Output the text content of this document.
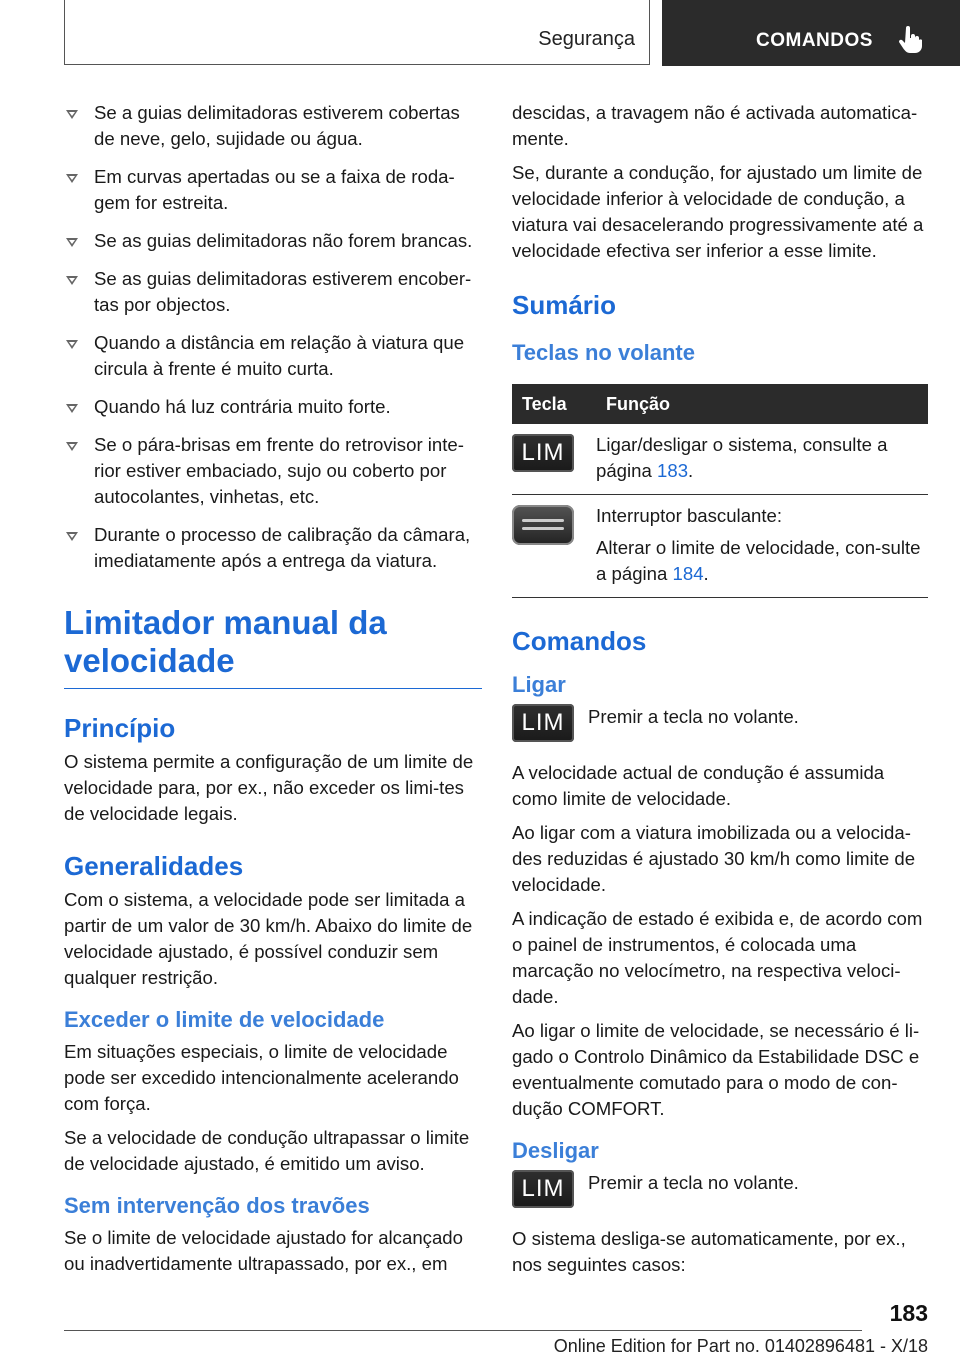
Segurança	COMANDOS
Se a guias delimitadoras estiverem cobertas de neve, gelo, sujidade ou água.
Em curvas apertadas ou se a faixa de roda-gem for estreita.
Se as guias delimitadoras não forem brancas.
Se as guias delimitadoras estiverem encober-tas por objectos.
Quando a distância em relação à viatura que circula à frente é muito curta.
Quando há luz contrária muito forte.
Se o pára-brisas em frente do retrovisor inte-rior estiver embaciado, sujo ou coberto por autocolantes, vinhetas, etc.
Durante o processo de calibração da câmara, imediatamente após a entrega da viatura.
Limitador manual da velocidade
Princípio

O sistema permite a configuração de um limite de velocidade para, por ex., não exceder os limi-tes de velocidade legais.

Generalidades

Com o sistema, a velocidade pode ser limitada a partir de um valor de 30 km/h. Abaixo do limite de velocidade ajustado, é possível conduzir sem qualquer restrição.

Exceder o limite de velocidade

Em situações especiais, o limite de velocidade pode ser excedido intencionalmente acelerando com força.

Se a velocidade de condução ultrapassar o limite de velocidade ajustado, é emitido um aviso.

Sem intervenção dos travões

Se o limite de velocidade ajustado for alcançado ou inadvertidamente ultrapassado, por ex., em

descidas, a travagem não é activada automatica-mente.

Se, durante a condução, for ajustado um limite de velocidade inferior à velocidade de condução, a viatura vai desacelerando progressivamente até a velocidade efectiva ser inferior a esse limite.

Sumário
Teclas no volante
Tecla	Função
LIM	Ligar/desligar o sistema, consulte a página 183.

	Interruptor basculante:
Alterar o limite de velocidade, con-sulte a página 184.
Comandos
Ligar
LIM	Premir a tecla no volante.

A velocidade actual de condução é assumida como limite de velocidade.

Ao ligar com a viatura imobilizada ou a velocida-des reduzidas é ajustado 30 km/h como limite de velocidade.

A indicação de estado é exibida e, de acordo com o painel de instrumentos, é colocada uma marcação no velocímetro, na respectiva veloci-dade.

Ao ligar o limite de velocidade, se necessário é li-gado o Controlo Dinâmico da Estabilidade DSC e eventualmente comutado para o modo de con-dução COMFORT.

Desligar
LIM	Premir a tecla no volante.

O sistema desliga-se automaticamente, por ex., nos seguintes casos:

183
Online Edition for Part no. 01402896481 - X/18
